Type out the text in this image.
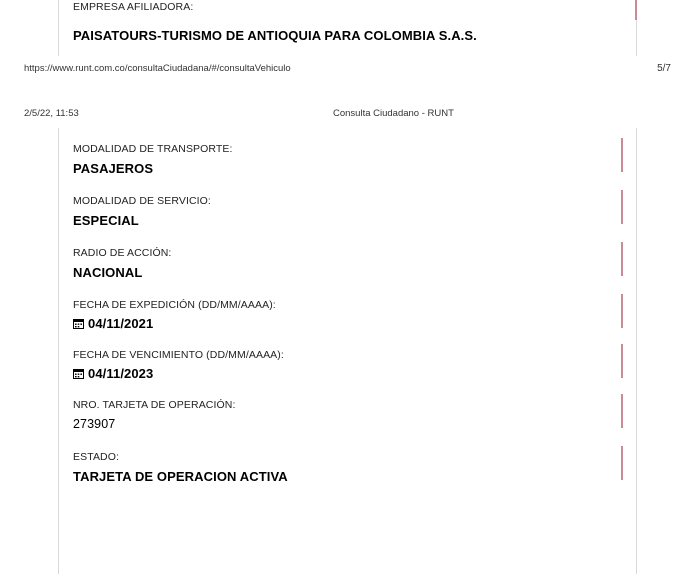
EMPRESA AFILIADORA:
PAISATOURS-TURISMO DE ANTIOQUIA PARA COLOMBIA S.A.S.
https://www.runt.com.co/consultaCiudadana/#/consultaVehiculo	5/7
2/5/22, 11:53	Consulta Ciudadano - RUNT
MODALIDAD DE TRANSPORTE:
PASAJEROS
MODALIDAD DE SERVICIO:
ESPECIAL
RADIO DE ACCIÓN:
NACIONAL
FECHA DE EXPEDICIÓN (DD/MM/AAAA):
04/11/2021
FECHA DE VENCIMIENTO (DD/MM/AAAA):
04/11/2023
NRO. TARJETA DE OPERACIÓN:
273907
ESTADO:
TARJETA DE OPERACION ACTIVA
